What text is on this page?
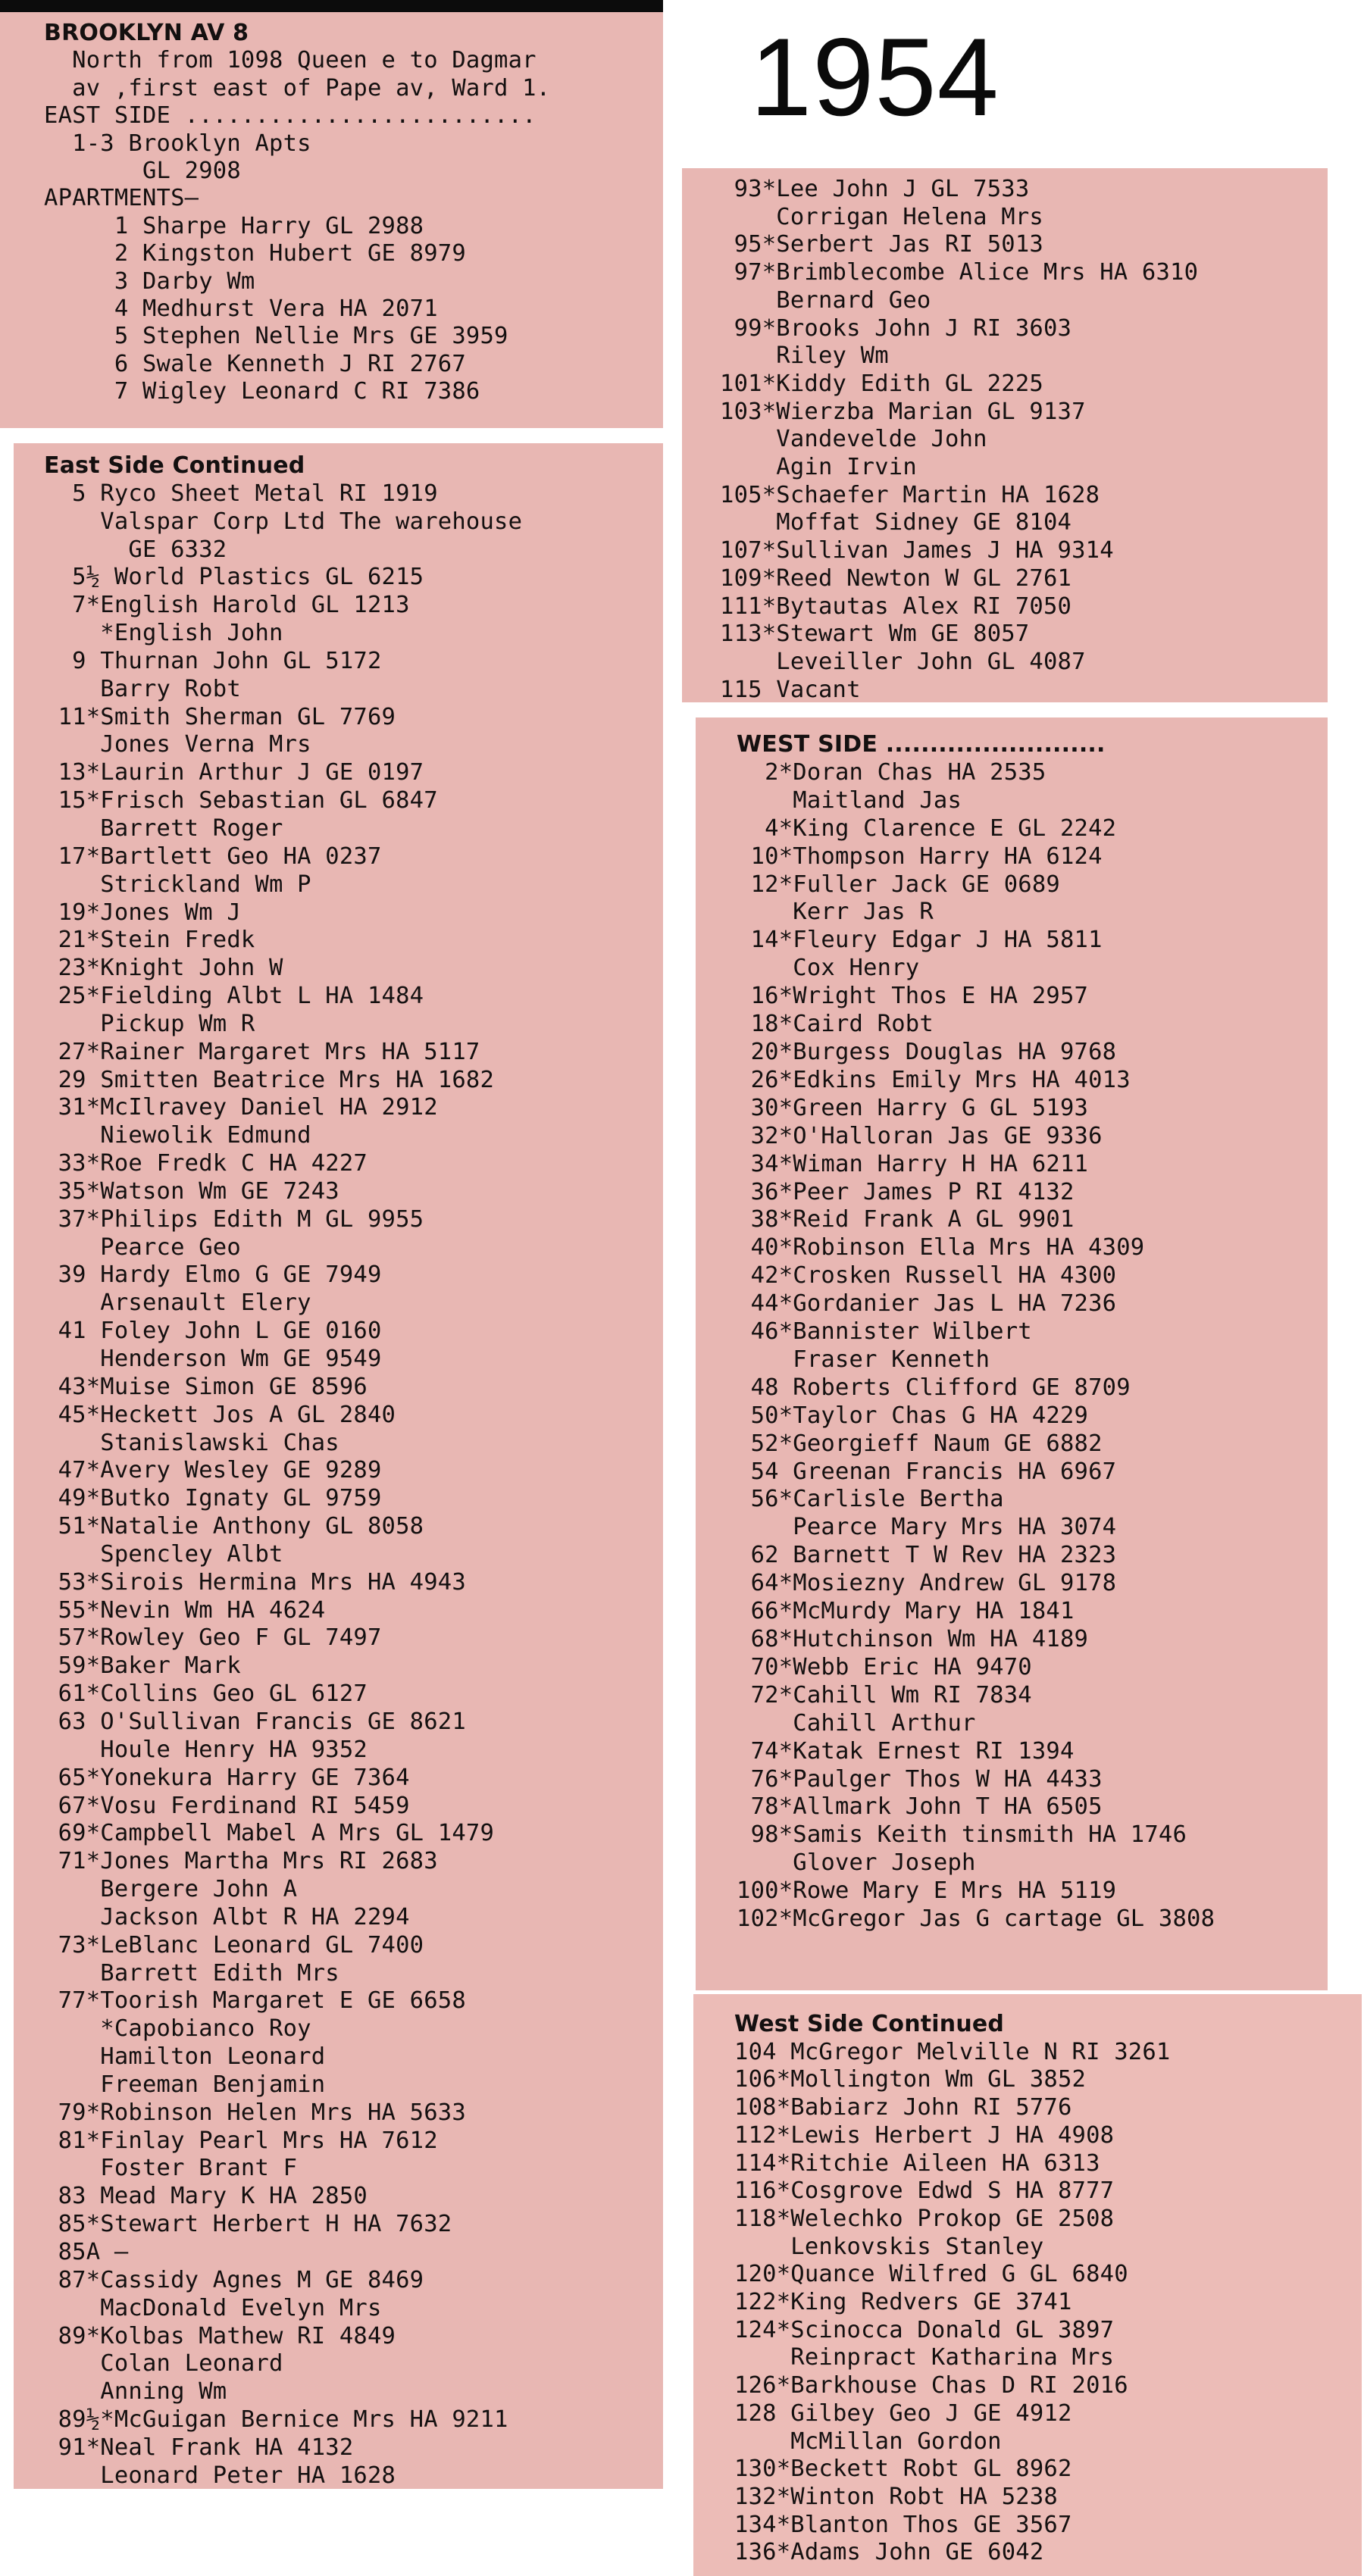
1954
BROOKLYN AV 8
North from 1098 Queen e to Dagmar
av ,first east of Pape av, Ward 1.
EAST SIDE .........................
1-3 Brooklyn Apts
GL 2908
APARTMENTS—
1 Sharpe Harry GL 2988
2 Kingston Hubert GE 8979
3 Darby Wm
4 Medhurst Vera HA 2071
5 Stephen Nellie Mrs GE 3959
6 Swale Kenneth J RI 2767
7 Wigley Leonard C RI 7386
East Side Continued
5 Ryco Sheet Metal RI 1919
Valspar Corp Ltd The warehouse
GE 6332
5½ World Plastics GL 6215
7*English Harold GL 1213
*English John
9 Thurnan John GL 5172
Barry Robt
11*Smith Sherman GL 7769
Jones Verna Mrs
13*Laurin Arthur J GE 0197
15*Frisch Sebastian GL 6847
Barrett Roger
17*Bartlett Geo HA 0237
Strickland Wm P
19*Jones Wm J
21*Stein Fredk
23*Knight John W
25*Fielding Albt L HA 1484
Pickup Wm R
27*Rainer Margaret Mrs HA 5117
29 Smitten Beatrice Mrs HA 1682
31*McIlravey Daniel HA 2912
Niewolik Edmund
33*Roe Fredk C HA 4227
35*Watson Wm GE 7243
37*Philips Edith M GL 9955
Pearce Geo
39 Hardy Elmo G GE 7949
Arsenault Elery
41 Foley John L GE 0160
Henderson Wm GE 9549
43*Muise Simon GE 8596
45*Heckett Jos A GL 2840
Stanislawski Chas
47*Avery Wesley GE 9289
49*Butko Ignaty GL 9759
51*Natalie Anthony GL 8058
Spencley Albt
53*Sirois Hermina Mrs HA 4943
55*Nevin Wm HA 4624
57*Rowley Geo F GL 7497
59*Baker Mark
61*Collins Geo GL 6127
63 O'Sullivan Francis GE 8621
Houle Henry HA 9352
65*Yonekura Harry GE 7364
67*Vosu Ferdinand RI 5459
69*Campbell Mabel A Mrs GL 1479
71*Jones Martha Mrs RI 2683
Bergere John A
Jackson Albt R HA 2294
73*LeBlanc Leonard GL 7400
Barrett Edith Mrs
77*Toorish Margaret E GE 6658
*Capobianco Roy
Hamilton Leonard
Freeman Benjamin
79*Robinson Helen Mrs HA 5633
81*Finlay Pearl Mrs HA 7612
Foster Brant F
83 Mead Mary K HA 2850
85*Stewart Herbert H HA 7632
85A —
87*Cassidy Agnes M GE 8469
MacDonald Evelyn Mrs
89*Kolbas Mathew RI 4849
Colan Leonard
Anning Wm
89½*McGuigan Bernice Mrs HA 9211
91*Neal Frank HA 4132
Leonard Peter HA 1628
93*Lee John J GL 7533
Corrigan Helena Mrs
95*Serbert Jas RI 5013
97*Brimblecombe Alice Mrs HA 6310
Bernard Geo
99*Brooks John J RI 3603
Riley Wm
101*Kiddy Edith GL 2225
103*Wierzba Marian GL 9137
Vandevelde John
Agin Irvin
105*Schaefer Martin HA 1628
Moffat Sidney GE 8104
107*Sullivan James J HA 9314
109*Reed Newton W GL 2761
111*Bytautas Alex RI 7050
113*Stewart Wm GE 8057
Leveiller John GL 4087
115 Vacant
WEST SIDE .........................
2*Doran Chas HA 2535
Maitland Jas
4*King Clarence E GL 2242
10*Thompson Harry HA 6124
12*Fuller Jack GE 0689
Kerr Jas R
14*Fleury Edgar J HA 5811
Cox Henry
16*Wright Thos E HA 2957
18*Caird Robt
20*Burgess Douglas HA 9768
26*Edkins Emily Mrs HA 4013
30*Green Harry G GL 5193
32*O'Halloran Jas GE 9336
34*Wiman Harry H HA 6211
36*Peer James P RI 4132
38*Reid Frank A GL 9901
40*Robinson Ella Mrs HA 4309
42*Crosken Russell HA 4300
44*Gordanier Jas L HA 7236
46*Bannister Wilbert
Fraser Kenneth
48 Roberts Clifford GE 8709
50*Taylor Chas G HA 4229
52*Georgieff Naum GE 6882
54 Greenan Francis HA 6967
56*Carlisle Bertha
Pearce Mary Mrs HA 3074
62 Barnett T W Rev HA 2323
64*Mosiezny Andrew GL 9178
66*McMurdy Mary HA 1841
68*Hutchinson Wm HA 4189
70*Webb Eric HA 9470
72*Cahill Wm RI 7834
Cahill Arthur
74*Katak Ernest RI 1394
76*Paulger Thos W HA 4433
78*Allmark John T HA 6505
98*Samis Keith tinsmith HA 1746
Glover Joseph
100*Rowe Mary E Mrs HA 5119
102*McGregor Jas G cartage GL 3808
West Side Continued
104 McGregor Melville N RI 3261
106*Mollington Wm GL 3852
108*Babiarz John RI 5776
112*Lewis Herbert J HA 4908
114*Ritchie Aileen HA 6313
116*Cosgrove Edwd S HA 8777
118*Welechko Prokop GE 2508
Lenkovskis Stanley
120*Quance Wilfred G GL 6840
122*King Redvers GE 3741
124*Scinocca Donald GL 3897
Reinpract Katharina Mrs
126*Barkhouse Chas D RI 2016
128 Gilbey Geo J GE 4912
McMillan Gordon
130*Beckett Robt GL 8962
132*Winton Robt HA 5238
134*Blanton Thos GE 3567
136*Adams John GE 6042
